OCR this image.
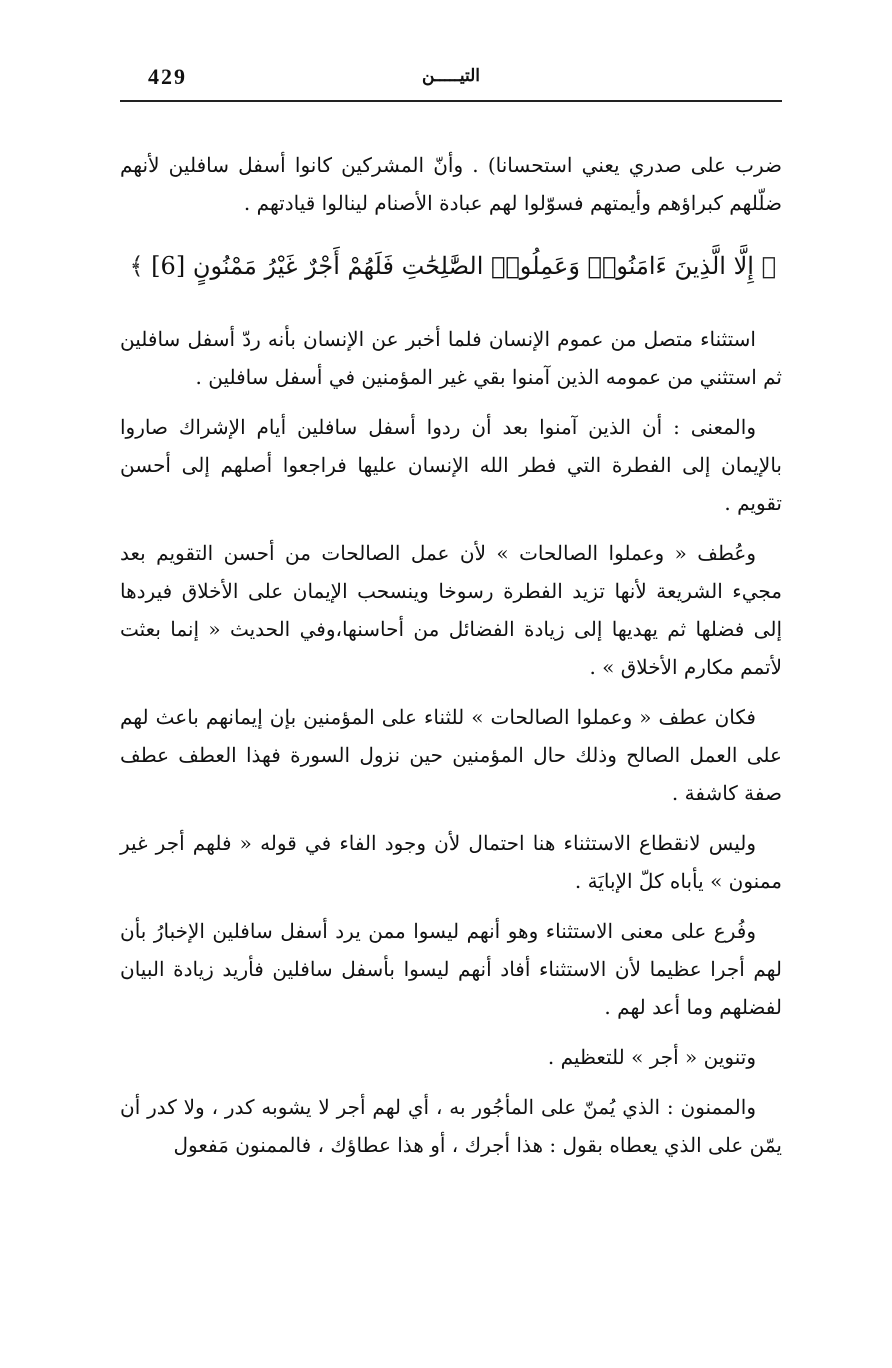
429	التيـــــن

ضرب على صدري يعني استحسانا) . وأنّ المشركين كانوا أسفل سافلين لأنهم ضلّلهم كبراؤهم وأيمتهم فسوّلوا لهم عبادة الأصنام لينالوا قيادتهم .

﴿ إِلَّا الَّذِينَ ءَامَنُوا۟ وَعَمِلُوا۟ الصَّٰلِحَٰتِ فَلَهُمْ أَجْرٌ غَيْرُ مَمْنُونٍ [6] ﴾

استثناء متصل من عموم الإنسان فلما أخبر عن الإنسان بأنه ردّ أسفل سافلين ثم استثني من عمومه الذين آمنوا بقي غير المؤمنين في أسفل سافلين .

والمعنى : أن الذين آمنوا بعد أن ردوا أسفل سافلين أيام الإشراك صاروا بالإيمان إلى الفطرة التي فطر الله الإنسان عليها فراجعوا أصلهم إلى أحسن تقويم .

وعُطف « وعملوا الصالحات » لأن عمل الصالحات من أحسن التقويم بعد مجيء الشريعة لأنها تزيد الفطرة رسوخا وينسحب الإيمان على الأخلاق فيردها إلى فضلها ثم يهديها إلى زيادة الفضائل من أحاسنها،وفي الحديث « إنما بعثت لأتمم مكارم الأخلاق » .

فكان عطف « وعملوا الصالحات » للثناء على المؤمنين بإن إيمانهم باعث لهم على العمل الصالح وذلك حال المؤمنين حين نزول السورة فهذا العطف عطف صفة كاشفة .

وليس لانقطاع الاستثناء هنا احتمال لأن وجود الفاء في قوله « فلهم أجر غير ممنون » يأباه كلّ الإبايَة .

وفُرع على معنى الاستثناء وهو أنهم ليسوا ممن يرد أسفل سافلين الإخبارُ بأن لهم أجرا عظيما لأن الاستثناء أفاد أنهم ليسوا بأسفل سافلين فأريد زيادة البيان لفضلهم وما أعد لهم .

وتنوين « أجر » للتعظيم .

والممنون : الذي يُمنّ على المأجُور به ، أي لهم أجر لا يشوبه كدر ، ولا كدر أن يمّن على الذي يعطاه بقول : هذا أجرك ، أو هذا عطاؤك ، فالممنون مَفعول
